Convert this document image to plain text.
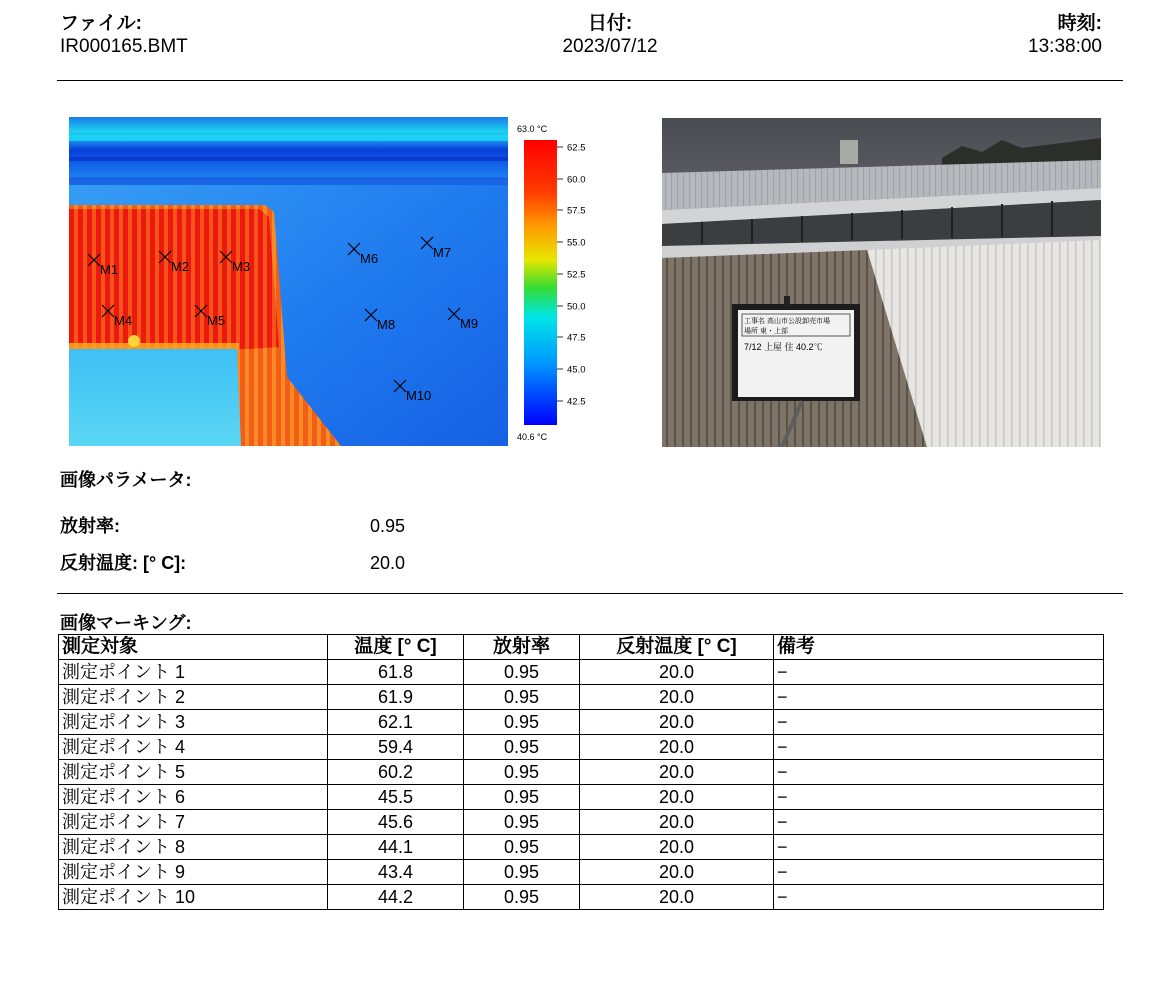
ファイル:
IR000165.BMT
日付:
2023/07/12
時刻:
13:38:00
M1	M2	M3
M4	M5
M6	M7
M8	M9
M10
63.0 °C
62.5
60.0
57.5
55.0
52.5
50.0
47.5
45.0
42.5
40.6 °C
工事名 高山市公設卸売市場
場所 東・上部
7/12 上屋 住 40.2℃
画像パラメータ:
放射率:	0.95
反射温度: [° C]:	20.0
画像マーキング:
測定対象	温度 [° C]	放射率	反射温度 [° C]	備考
測定ポイント 1	61.8	0.95	20.0	−
測定ポイント 2	61.9	0.95	20.0	−
測定ポイント 3	62.1	0.95	20.0	−
測定ポイント 4	59.4	0.95	20.0	−
測定ポイント 5	60.2	0.95	20.0	−
測定ポイント 6	45.5	0.95	20.0	−
測定ポイント 7	45.6	0.95	20.0	−
測定ポイント 8	44.1	0.95	20.0	−
測定ポイント 9	43.4	0.95	20.0	−
測定ポイント 10	44.2	0.95	20.0	−
